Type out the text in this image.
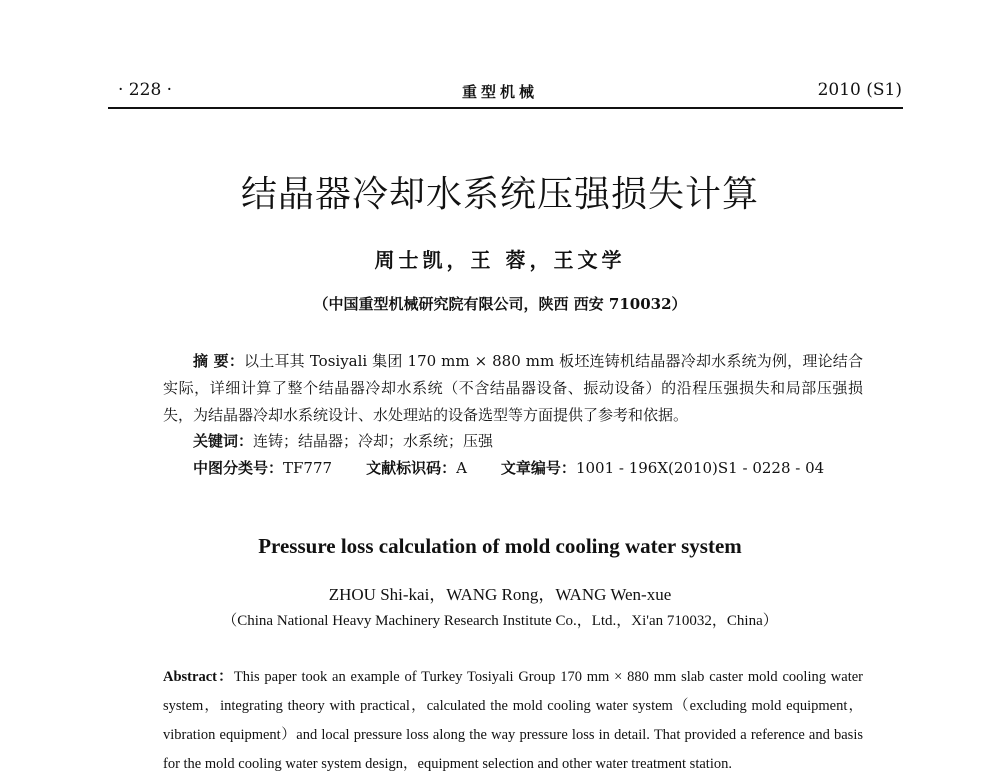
· 228 ·	重型机械	2010 (S1)
结晶器冷却水系统压强损失计算
周士凯，王 蓉，王文学
（中国重型机械研究院有限公司，陕西 西安 710032）
摘 要：以土耳其 Tosiyali 集团 170 mm × 880 mm 板坯连铸机结晶器冷却水系统为例，理论结合实际，详细计算了整个结晶器冷却水系统（不含结晶器设备、振动设备）的沿程压强损失和局部压强损失，为结晶器冷却水系统设计、水处理站的设备选型等方面提供了参考和依据。
关键词：连铸；结晶器；冷却；水系统；压强
中图分类号：TF777 文献标识码：A 文章编号：1001 - 196X(2010)S1 - 0228 - 04
Pressure loss calculation of mold cooling water system
ZHOU Shi-kai，WANG Rong，WANG Wen-xue
（China National Heavy Machinery Research Institute Co.，Ltd.，Xi'an 710032，China）
Abstract：This paper took an example of Turkey Tosiyali Group 170 mm × 880 mm slab caster mold cooling water system，integrating theory with practical，calculated the mold cooling water system（excluding mold equipment，vibration equipment）and local pressure loss along the way pressure loss in detail. That provided a reference and basis for the mold cooling water system design，equipment selection and other water treatment station.
